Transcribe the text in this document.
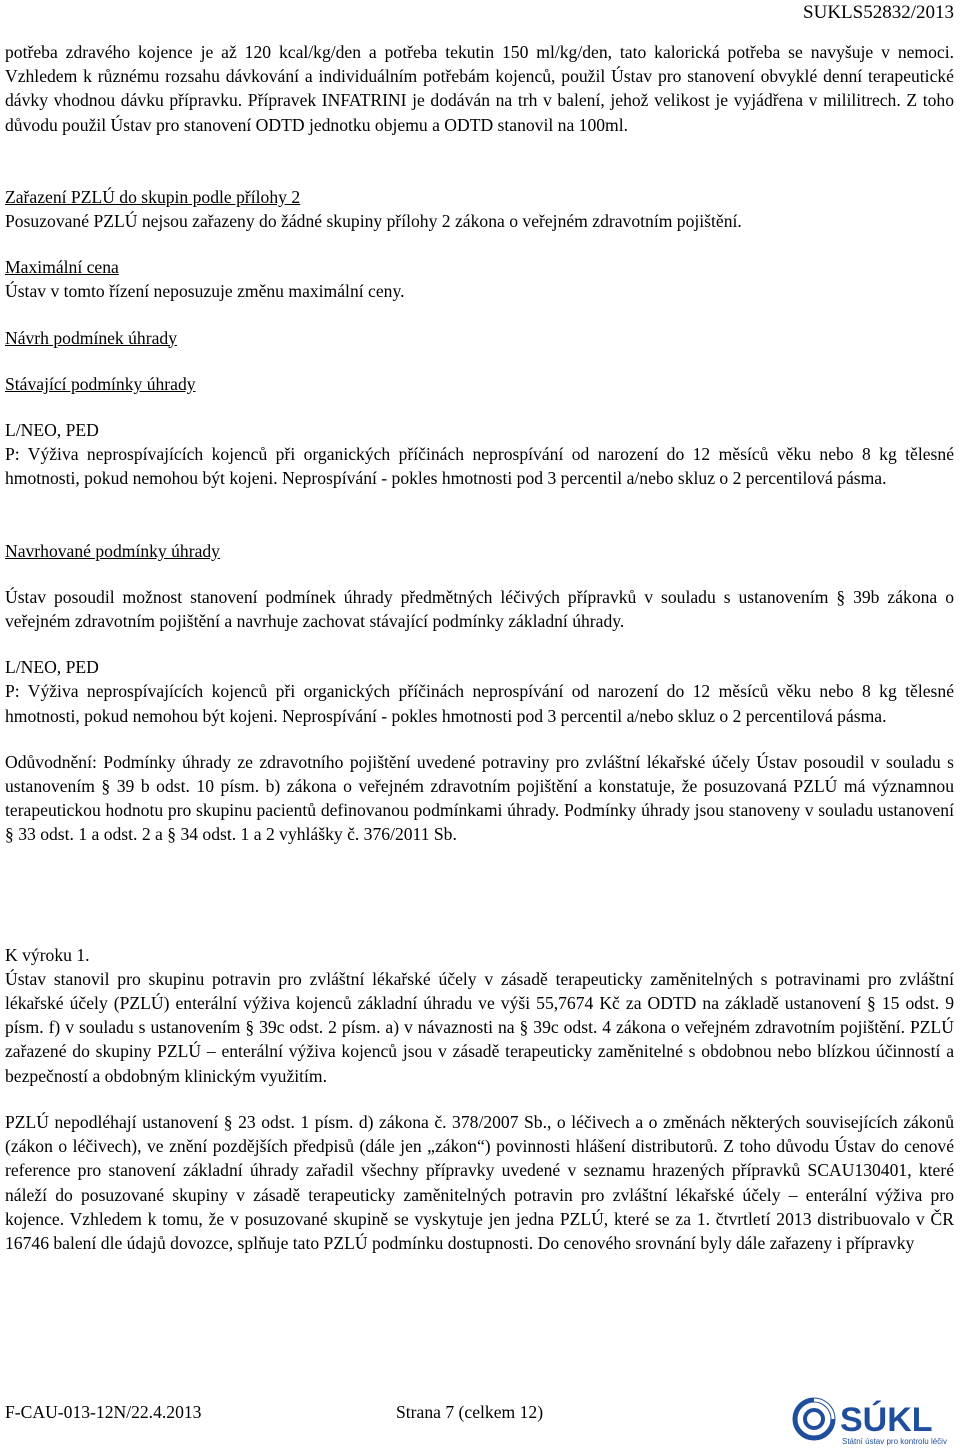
SUKLS52832/2013

potřeba zdravého kojence je až 120 kcal/kg/den a potřeba tekutin 150 ml/kg/den, tato kalorická potřeba se navyšuje v nemoci. Vzhledem k různému rozsahu dávkování a individuálním potřebám kojenců, použil Ústav pro stanovení obvyklé denní terapeutické dávky vhodnou dávku přípravku. Přípravek INFATRINI je dodáván na trh v balení, jehož velikost je vyjádřena v mililitrech. Z toho důvodu použil Ústav pro stanovení ODTD jednotku objemu a ODTD stanovil na 100ml.

Zařazení PZLÚ do skupin podle přílohy 2

Posuzované PZLÚ nejsou zařazeny do žádné skupiny přílohy 2 zákona o veřejném zdravotním pojištění.

Maximální cena

Ústav v tomto řízení neposuzuje změnu maximální ceny.

Návrh podmínek úhrady

Stávající podmínky úhrady

L/NEO, PED

P: Výživa neprospívajících kojenců při organických příčinách neprospívání od narození do 12 měsíců věku nebo 8 kg tělesné hmotnosti, pokud nemohou být kojeni. Neprospívání - pokles hmotnosti pod 3 percentil a/nebo skluz o 2 percentilová pásma.

Navrhované podmínky úhrady

Ústav posoudil možnost stanovení podmínek úhrady předmětných léčivých přípravků v souladu s ustanovením § 39b zákona o veřejném zdravotním pojištění a navrhuje zachovat stávající podmínky základní úhrady.

L/NEO, PED

P: Výživa neprospívajících kojenců při organických příčinách neprospívání od narození do 12 měsíců věku nebo 8 kg tělesné hmotnosti, pokud nemohou být kojeni. Neprospívání - pokles hmotnosti pod 3 percentil a/nebo skluz o 2 percentilová pásma.

Odůvodnění: Podmínky úhrady ze zdravotního pojištění uvedené potraviny pro zvláštní lékařské účely Ústav posoudil v souladu s ustanovením § 39 b odst. 10 písm. b) zákona o veřejném zdravotním pojištění a konstatuje, že posuzovaná PZLÚ má významnou terapeutickou hodnotu pro skupinu pacientů definovanou podmínkami úhrady. Podmínky úhrady jsou stanoveny v souladu ustanovení § 33 odst. 1 a odst. 2 a § 34 odst. 1 a 2 vyhlášky č. 376/2011 Sb.

K výroku 1.

Ústav stanovil pro skupinu potravin pro zvláštní lékařské účely v zásadě terapeuticky zaměnitelných s potravinami pro zvláštní lékařské účely (PZLÚ) enterální výživa kojenců základní úhradu ve výši 55,7674 Kč za ODTD na základě ustanovení § 15 odst. 9 písm. f) v souladu s ustanovením § 39c odst. 2 písm. a) v návaznosti na § 39c odst. 4 zákona o veřejném zdravotním pojištění. PZLÚ zařazené do skupiny PZLÚ – enterální výživa kojenců jsou v zásadě terapeuticky zaměnitelné s obdobnou nebo blízkou účinností a bezpečností a obdobným klinickým využitím.

PZLÚ nepodléhají ustanovení § 23 odst. 1 písm. d) zákona č. 378/2007 Sb., o léčivech a o změnách některých souvisejících zákonů (zákon o léčivech), ve znění pozdějších předpisů (dále jen „zákon“) povinnosti hlášení distributorů. Z toho důvodu Ústav do cenové reference pro stanovení základní úhrady zařadil všechny přípravky uvedené v seznamu hrazených přípravků SCAU130401, které náleží do posuzované skupiny v zásadě terapeuticky zaměnitelných potravin pro zvláštní lékařské účely – enterální výživa pro kojence. Vzhledem k tomu, že v posuzované skupině se vyskytuje jen jedna PZLÚ, které se za 1. čtvrtletí 2013 distribuovalo v ČR 16746 balení dle údajů dovozce, splňuje tato PZLÚ podmínku dostupnosti. Do cenového srovnání byly dále zařazeny i přípravky

F-CAU-013-12N/22.4.2013	Strana 7 (celkem 12)	SÚKL
Státní ústav pro kontrolu léčiv
